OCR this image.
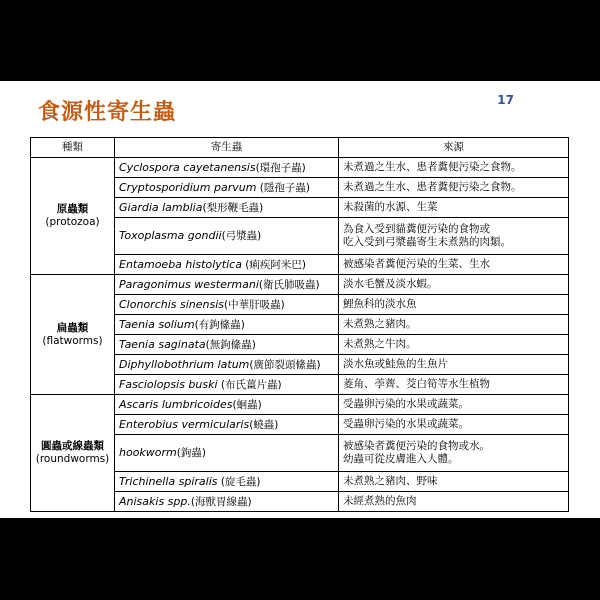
17
食源性寄生蟲
種類	寄生蟲	來源

原蟲類
(protozoa)	Cyclospora cayetanensis(環孢子蟲)	未煮過之生水、患者糞便污染之食物。

	Cryptosporidium parvum (隱孢子蟲)	未煮過之生水、患者糞便污染之食物。

	Giardia lamblia(梨形鞭毛蟲)	未殺菌的水源、生菜

	Toxoplasma gondii(弓漿蟲)	為食入受到貓糞便污染的食物或
吃入受到弓漿蟲寄生未煮熟的肉類。

	Entamoeba histolytica (痢疾阿米巴)	被感染者糞便污染的生菜、生水

扁蟲類
(flatworms)	Paragonimus westermani(衛氏肺吸蟲)	淡水毛蟹及淡水蝦。

	Clonorchis sinensis(中華肝吸蟲)	鯉魚科的淡水魚

	Taenia solium(有鉤絛蟲)	未煮熟之豬肉。

	Taenia saginata(無鉤絛蟲)	未煮熟之牛肉。

	Diphyllobothrium latum(廣節裂頭絛蟲)	淡水魚或鮭魚的生魚片

	Fasciolopsis buski (布氏薑片蟲)	菱角、荸薺、茭白筍等水生植物

圓蟲或線蟲類
(roundworms)	Ascaris lumbricoides(蛔蟲)	受蟲卵污染的水果或蔬菜。

	Enterobius vermicularis(蟯蟲)	受蟲卵污染的水果或蔬菜。

	hookworm(鉤蟲)	被感染者糞便污染的食物或水。
幼蟲可從皮膚進入人體。

	Trichinella spiralis (旋毛蟲)	未煮熟之豬肉、野味

	Anisakis spp.(海獸胃線蟲)	未經煮熟的魚肉
